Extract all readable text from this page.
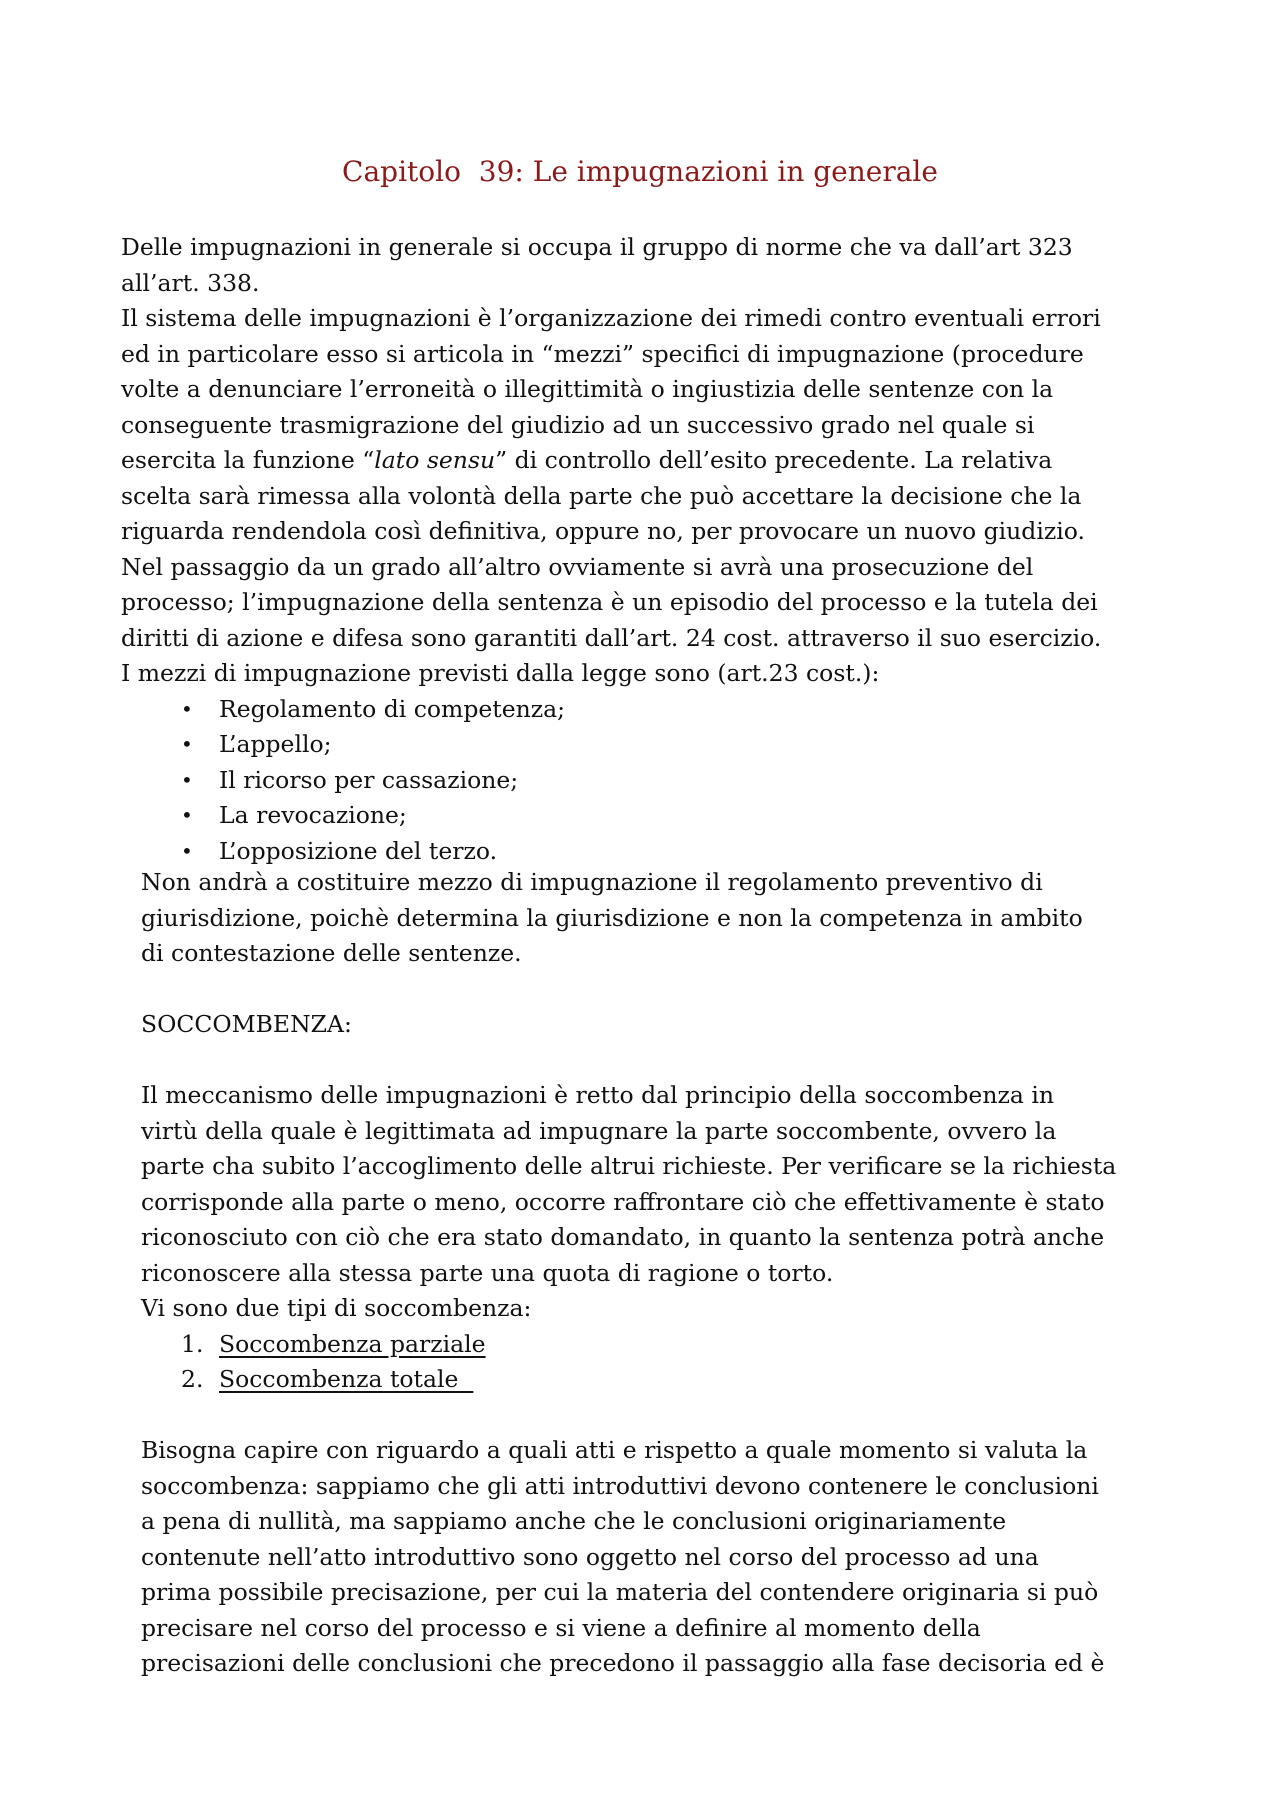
Capitolo  39: Le impugnazioni in generale

Delle impugnazioni in generale si occupa il gruppo di norme che va dall’art 323

all’art. 338.

Il sistema delle impugnazioni è l’organizzazione dei rimedi contro eventuali errori

ed in particolare esso si articola in “mezzi” specifici di impugnazione (procedure

volte a denunciare l’erroneità o illegittimità o ingiustizia delle sentenze con la

conseguente trasmigrazione del giudizio ad un successivo grado nel quale si

esercita la funzione “lato sensu” di controllo dell’esito precedente. La relativa

scelta sarà rimessa alla volontà della parte che può accettare la decisione che la

riguarda rendendola così definitiva, oppure no, per provocare un nuovo giudizio.

Nel passaggio da un grado all’altro ovviamente si avrà una prosecuzione del

processo; l’impugnazione della sentenza è un episodio del processo e la tutela dei

diritti di azione e difesa sono garantiti dall’art. 24 cost. attraverso il suo esercizio.

I mezzi di impugnazione previsti dalla legge sono (art.23 cost.):

• Regolamento di competenza;
• L’appello;
• Il ricorso per cassazione;
• La revocazione;
• L’opposizione del terzo.

Non andrà a costituire mezzo di impugnazione il regolamento preventivo di

giurisdizione, poichè determina la giurisdizione e non la competenza in ambito

di contestazione delle sentenze.

SOCCOMBENZA:

Il meccanismo delle impugnazioni è retto dal principio della soccombenza in

virtù della quale è legittimata ad impugnare la parte soccombente, ovvero la

parte cha subito l’accoglimento delle altrui richieste. Per verificare se la richiesta

corrisponde alla parte o meno, occorre raffrontare ciò che effettivamente è stato

riconosciuto con ciò che era stato domandato, in quanto la sentenza potrà anche

riconoscere alla stessa parte una quota di ragione o torto.

Vi sono due tipi di soccombenza:

1. Soccombenza parziale
2. Soccombenza totale

Bisogna capire con riguardo a quali atti e rispetto a quale momento si valuta la

soccombenza: sappiamo che gli atti introduttivi devono contenere le conclusioni

a pena di nullità, ma sappiamo anche che le conclusioni originariamente

contenute nell’atto introduttivo sono oggetto nel corso del processo ad una

prima possibile precisazione, per cui la materia del contendere originaria si può

precisare nel corso del processo e si viene a definire al momento della

precisazioni delle conclusioni che precedono il passaggio alla fase decisoria ed è
